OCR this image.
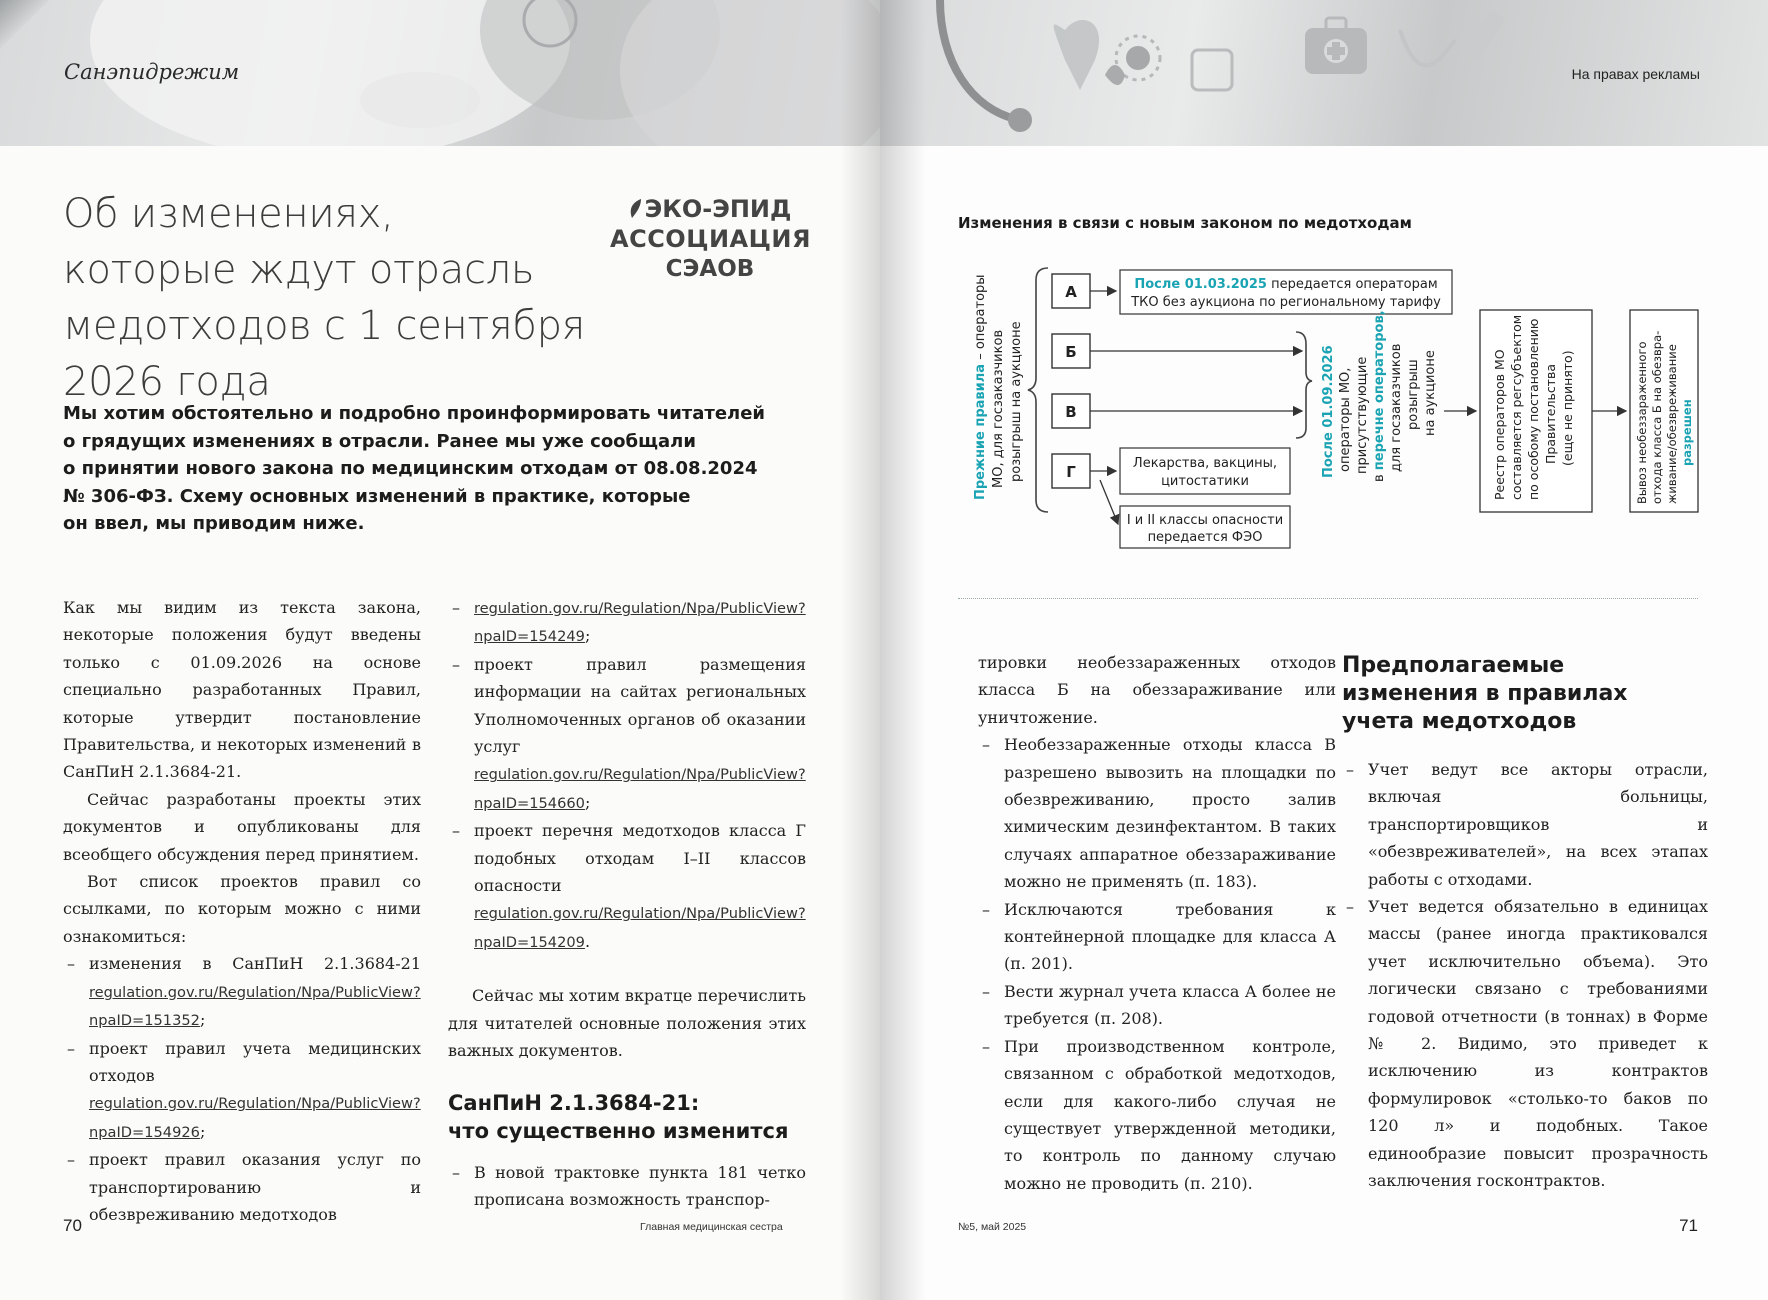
Санэпидрежим
Об изменениях,
которые ждут отрасль
медотходов с 1 сентября 2026 года
ЭКО-ЭПИД
АССОЦИАЦИЯ
СЭАОВ

Мы хотим обстоятельно и подробно проинформировать читателей
о грядущих изменениях в отрасли. Ранее мы уже сообщали
о принятии нового закона по медицинским отходам от 08.08.2024
№ 306-ФЗ. Схему основных изменений в практике, которые
он ввел, мы приводим ниже.

Как мы видим из текста закона, некоторые положения будут введены только с 01.09.2026 на основе специально разработанных Правил, которые утвердит постановление Правительства, и некоторых изменений в СанПиН 2.1.3684-21.

Сейчас разработаны проекты этих документов и опубликованы для всеобщего обсуждения перед принятием.

Вот список проектов правил со ссылками, по которым можно с ними ознакомиться:

– изменения в СанПиН 2.1.3684-21 regulation.gov.ru/Regulation/Npa/PublicView?npaID=151352;
– проект правил учета медицинских отходов regulation.gov.ru/Regulation/Npa/PublicView?npaID=154926;
– проект правил оказания услуг по транспортированию и обезвреживанию медотходов
– regulation.gov.ru/Regulation/Npa/PublicView?npaID=154249;
– проект правил размещения информации на сайтах региональных Уполномоченных органов об оказании услуг regulation.gov.ru/Regulation/Npa/PublicView?npaID=154660;
– проект перечня медотходов класса Г подобных отходам I–II классов опасности regulation.gov.ru/Regulation/Npa/PublicView?npaID=154209.

Сейчас мы хотим вкратце перечислить для читателей основные положения этих важных документов.

СанПиН 2.1.3684-21:
что существенно изменится
– В новой трактовке пункта 181 четко прописана возможность транспор-
70	Главная медицинская сестра
На правах рекламы
Изменения в связи с новым законом по медотходам
Прежние правила – операторы
МО, для госзаказчиков розыгрыш на аукционе
А
Б
В
Г
После 01.03.2025 передается операторам
ТКО без аукциона по региональному тарифу
Лекарства, вакцины,
цитостатики
I и II классы опасности
передается ФЭО
После 01.09.2026 операторы МО, присутствующие
в перечне операторов, для госзаказчиков розыгрыш на аукционе	Реестр операторов МО составляется регсубъектом по особому постановлению Правительства (еще не принято)	Вывоз необеззараженного отхода класса Б на обезвра- живание/обезвреживание разрешен

тировки необеззараженных отходов класса Б на обеззараживание или уничтожение.

– Необеззараженные отходы класса В разрешено вывозить на площадки по обезвреживанию, просто залив химическим дезинфектантом. В таких случаях аппаратное обеззараживание можно не применять (п. 183).
– Исключаются требования к контейнерной площадке для класса А (п. 201).
– Вести журнал учета класса А более не требуется (п. 208).
– При производственном контроле, связанном с обработкой медотходов, если для какого-либо случая не существует утвержденной методики, то контроль по данному случаю можно не проводить (п. 210).
Предполагаемые
изменения в правилах
учета медотходов
– Учет ведут все акторы отрасли, включая больницы, транспортировщиков и «обезвреживателей», на всех этапах работы с отходами.
– Учет ведется обязательно в единицах массы (ранее иногда практиковался учет исключительно объема). Это логически связано с требованиями годовой отчетности (в тоннах) в Форме № 2. Видимо, это приведет к исключению из контрактов формулировок «столько-то баков по 120 л» и подобных. Такое единообразие повысит прозрачность заключения госконтрактов.
№5, май 2025	71
